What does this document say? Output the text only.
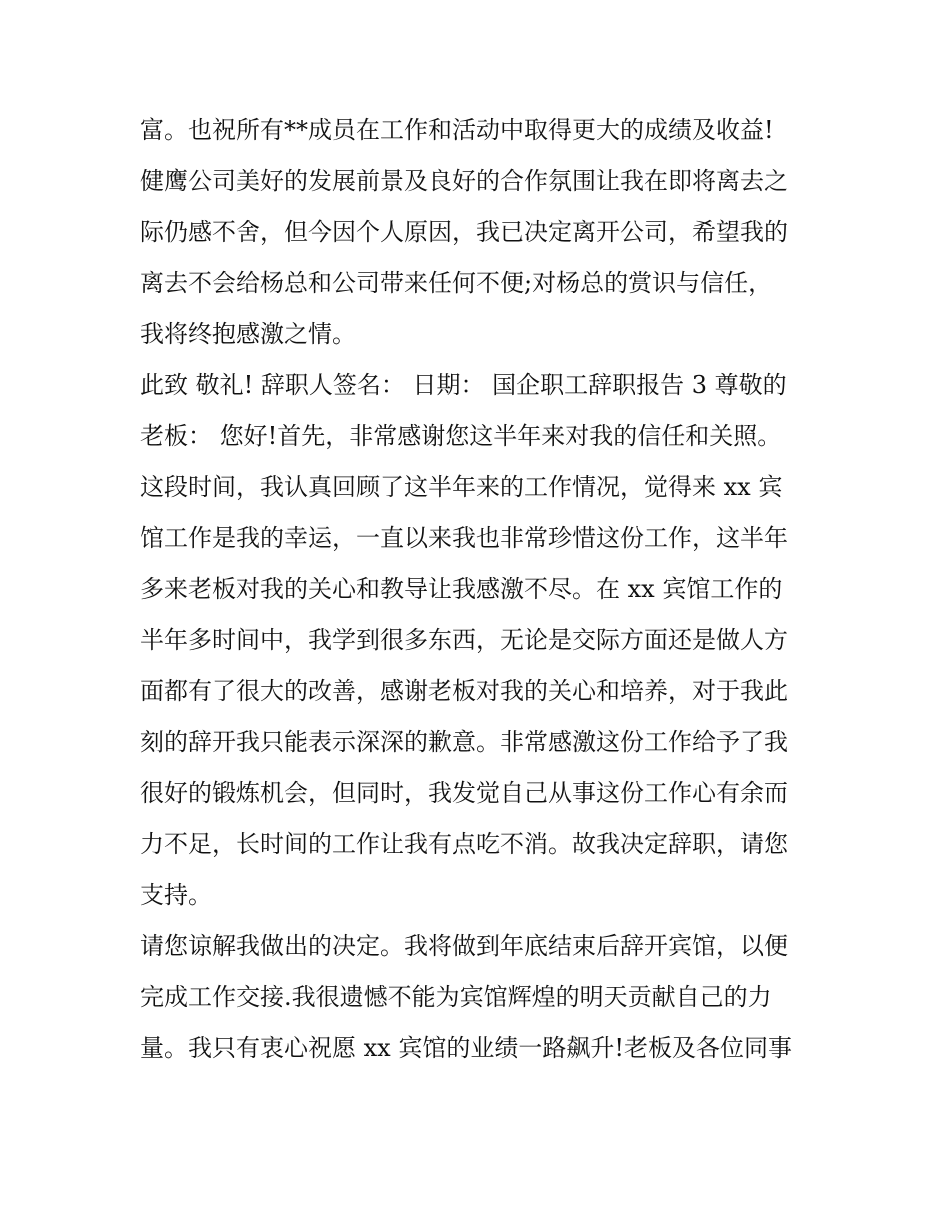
富。也祝所有**成员在工作和活动中取得更大的成绩及收益!
健鹰公司美好的发展前景及良好的合作氛围让我在即将离去之
际仍感不舍，但今因个人原因，我已决定离开公司，希望我的
离去不会给杨总和公司带来任何不便;对杨总的赏识与信任，
我将终抱感激之情。
此致 敬礼! 辞职人签名： 日期： 国企职工辞职报告 3 尊敬的
老板： 您好!首先，非常感谢您这半年来对我的信任和关照。
这段时间，我认真回顾了这半年来的工作情况，觉得来 xx 宾
馆工作是我的幸运，一直以来我也非常珍惜这份工作，这半年
多来老板对我的关心和教导让我感激不尽。在 xx 宾馆工作的
半年多时间中，我学到很多东西，无论是交际方面还是做人方
面都有了很大的改善，感谢老板对我的关心和培养，对于我此
刻的辞开我只能表示深深的歉意。非常感激这份工作给予了我
很好的锻炼机会，但同时，我发觉自己从事这份工作心有余而
力不足，长时间的工作让我有点吃不消。故我决定辞职，请您
支持。
请您谅解我做出的决定。我将做到年底结束后辞开宾馆，以便
完成工作交接.我很遗憾不能为宾馆辉煌的明天贡献自己的力
量。我只有衷心祝愿 xx 宾馆的业绩一路飙升!老板及各位同事
